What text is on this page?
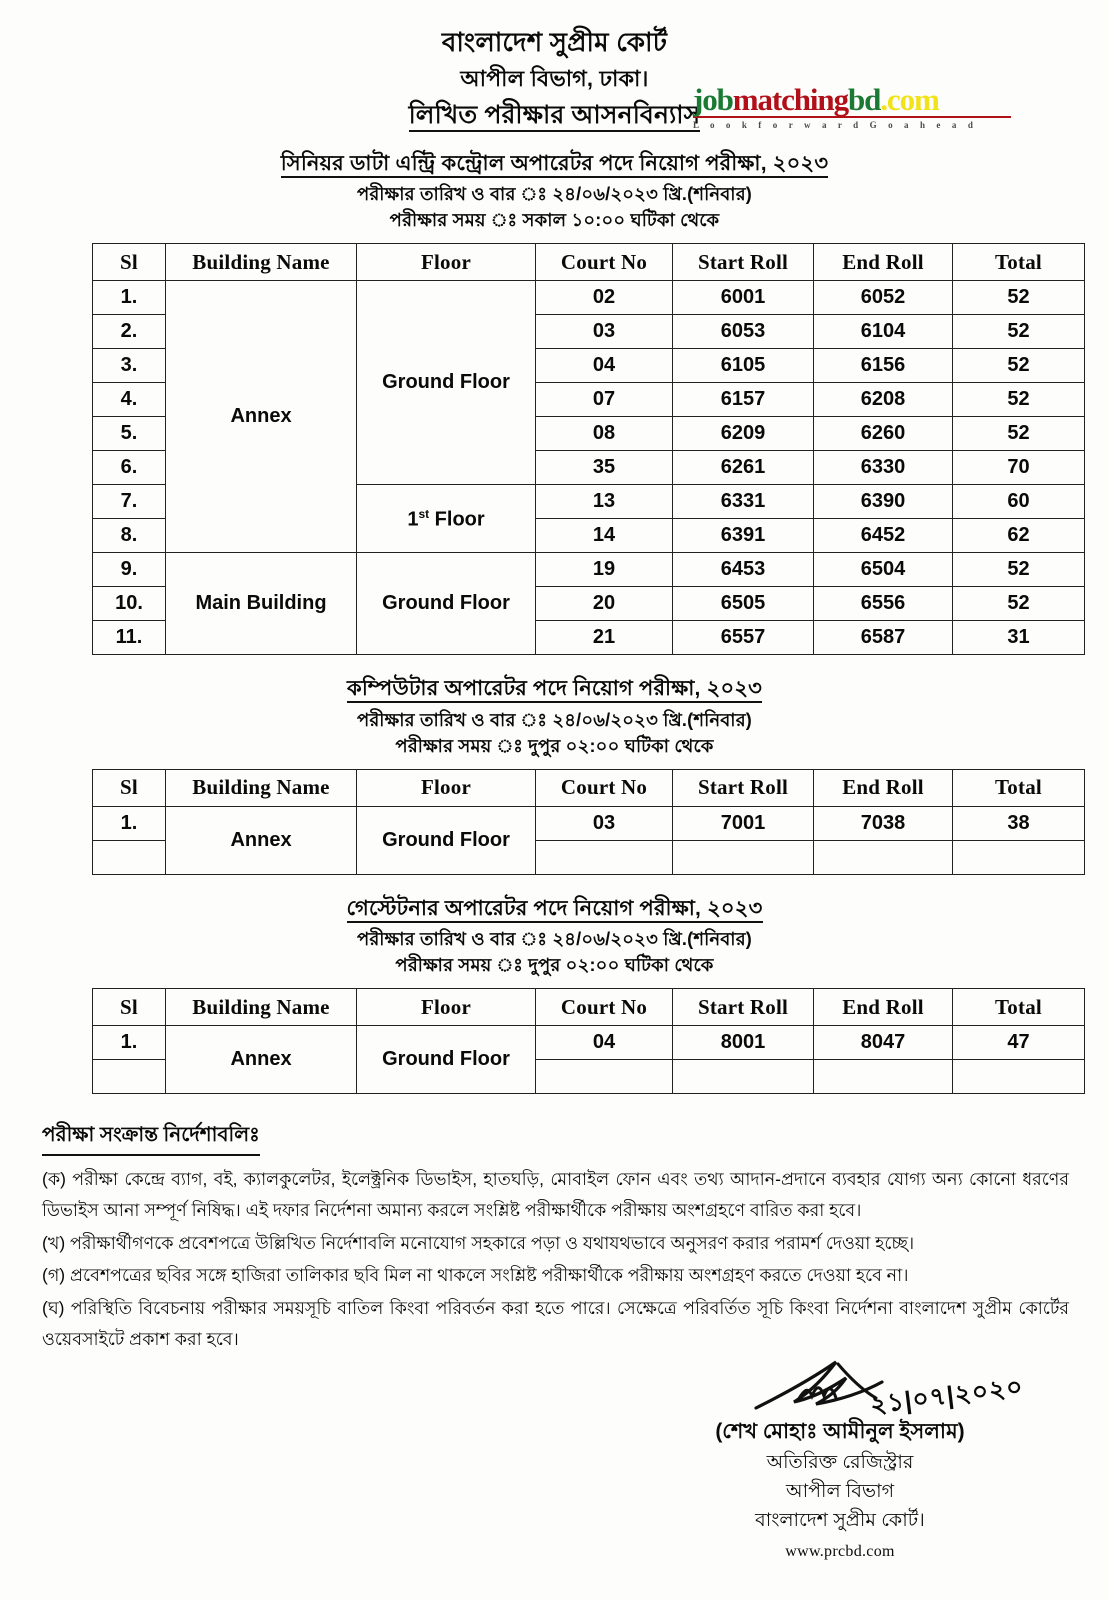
বাংলাদেশ সুপ্রীম কোর্ট
আপীল বিভাগ, ঢাকা।
লিখিত পরীক্ষার আসনবিন্যাস
jobmatchingbd.com
L o o k f o r w a r d G o a h e a d
সিনিয়র ডাটা এন্ট্রি কন্ট্রোল অপারেটর পদে নিয়োগ পরীক্ষা, ২০২৩
পরীক্ষার তারিখ ও বার ঃ ২৪/০৬/২০২৩ খ্রি.(শনিবার)
পরীক্ষার সময় ঃ সকাল ১০:০০ ঘটিকা থেকে
Sl	Building Name	Floor	Court No	Start Roll	End Roll	Total
1.	Annex	Ground Floor	02	6001	6052	52
2.			03	6053	6104	52
3.			04	6105	6156	52
4.			07	6157	6208	52
5.			08	6209	6260	52
6.			35	6261	6330	70
7.		1st Floor	13	6331	6390	60
8.			14	6391	6452	62
9.	Main Building	Ground Floor	19	6453	6504	52
10.			20	6505	6556	52
11.			21	6557	6587	31
কম্পিউটার অপারেটর পদে নিয়োগ পরীক্ষা, ২০২৩
পরীক্ষার তারিখ ও বার ঃ ২৪/০৬/২০২৩ খ্রি.(শনিবার)
পরীক্ষার সময় ঃ দুপুর ০২:০০ ঘটিকা থেকে
Sl	Building Name	Floor	Court No	Start Roll	End Roll	Total
1.	Annex	Ground Floor	03	7001	7038	38

গেস্টেটনার অপারেটর পদে নিয়োগ পরীক্ষা, ২০২৩
পরীক্ষার তারিখ ও বার ঃ ২৪/০৬/২০২৩ খ্রি.(শনিবার)
পরীক্ষার সময় ঃ দুপুর ০২:০০ ঘটিকা থেকে
Sl	Building Name	Floor	Court No	Start Roll	End Roll	Total
1.	Annex	Ground Floor	04	8001	8047	47

পরীক্ষা সংক্রান্ত নির্দেশাবলিঃ
(ক) পরীক্ষা কেন্দ্রে ব্যাগ, বই, ক্যালকুলেটর, ইলেক্ট্রনিক ডিভাইস, হাতঘড়ি, মোবাইল ফোন এবং তথ্য আদান-প্রদানে ব্যবহার যোগ্য অন্য কোনো ধরণের ডিভাইস আনা সম্পূর্ণ নিষিদ্ধ। এই দফার নির্দেশনা অমান্য করলে সংশ্লিষ্ট পরীক্ষার্থীকে পরীক্ষায় অংশগ্রহণে বারিত করা হবে।
(খ) পরীক্ষার্থীগণকে প্রবেশপত্রে উল্লিখিত নির্দেশাবলি মনোযোগ সহকারে পড়া ও যথাযথভাবে অনুসরণ করার পরামর্শ দেওয়া হচ্ছে।
(গ) প্রবেশপত্রের ছবির সঙ্গে হাজিরা তালিকার ছবি মিল না থাকলে সংশ্লিষ্ট পরীক্ষার্থীকে পরীক্ষায় অংশগ্রহণ করতে দেওয়া হবে না।
(ঘ) পরিস্থিতি বিবেচনায় পরীক্ষার সময়সূচি বাতিল কিংবা পরিবর্তন করা হতে পারে। সেক্ষেত্রে পরিবর্তিত সূচি কিংবা নির্দেশনা বাংলাদেশ সুপ্রীম কোর্টের ওয়েবসাইটে প্রকাশ করা হবে।
২১|০৭|২০২০
(শেখ মোহাঃ আমীনুল ইসলাম)
অতিরিক্ত রেজিস্ট্রার
আপীল বিভাগ
বাংলাদেশ সুপ্রীম কোর্ট।
www.prcbd.com
